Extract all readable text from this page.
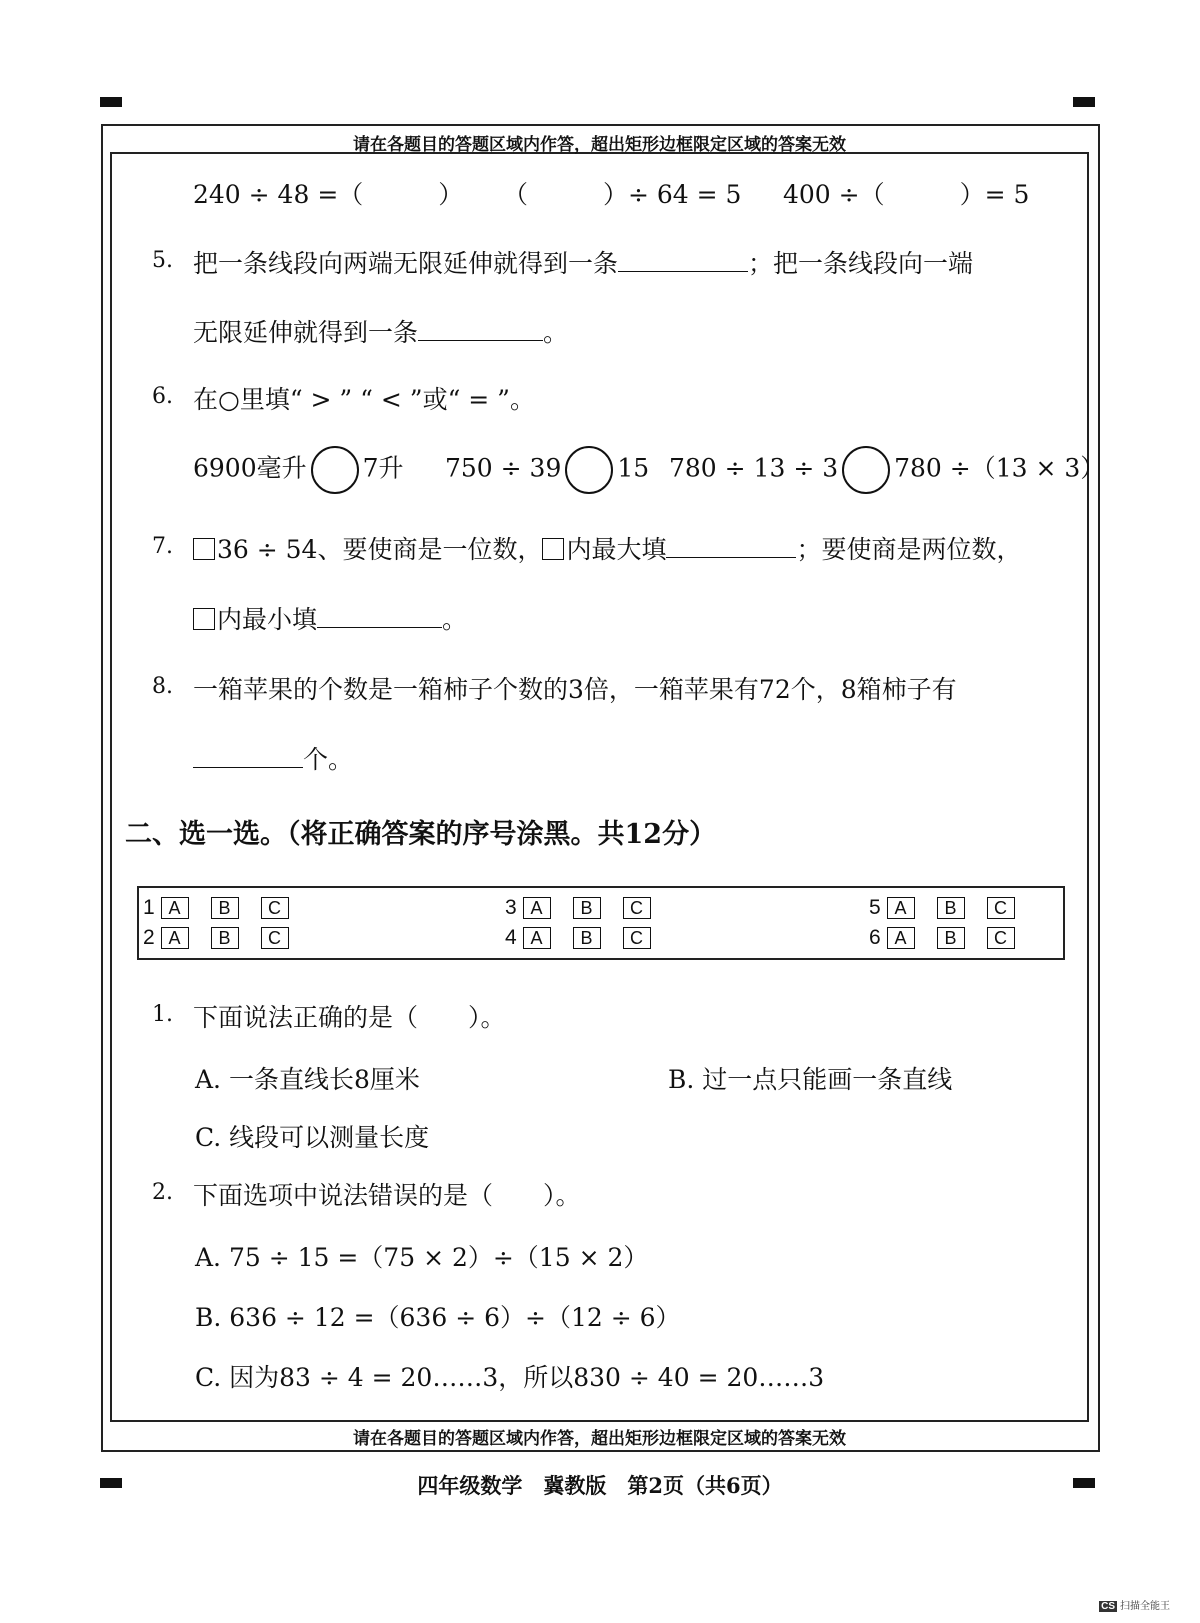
请在各题目的答题区域内作答，超出矩形边框限定区域的答案无效
请在各题目的答题区域内作答，超出矩形边框限定区域的答案无效
240 ÷ 48 =（　　　） （　　　）÷ 64 = 5 400 ÷（　　　）= 5
5. 把一条线段向两端无限延伸就得到一条	；把一条线段向一端
无限延伸就得到一条	。
6. 在○里填“ > ” “ < ”或“ = ”。
6900毫升 7升 750 ÷ 39 15 780 ÷ 13 ÷ 3 780 ÷（13 × 3）
7.	36 ÷ 54、要使商是一位数， 内最大填	；要使商是两位数，
内最小填	。
8. 一箱苹果的个数是一箱柿子个数的3倍，一箱苹果有72个，8箱柿子有
个。
二、选一选。（将正确答案的序号涂黑。共12分）
1 A B C
2 A B C
3 A B C
4 A B C
5 A B C
6 A B C
1. 下面说法正确的是（　　）。
A. 一条直线长8厘米	B. 过一点只能画一条直线
C. 线段可以测量长度
2. 下面选项中说法错误的是（　　）。
A. 75 ÷ 15 =（75 × 2）÷（15 × 2）
B. 636 ÷ 12 =（636 ÷ 6）÷（12 ÷ 6）
C. 因为83 ÷ 4 = 20……3，所以830 ÷ 40 = 20……3
四年级数学　冀教版　第2页（共6页）
CS 扫描全能王
